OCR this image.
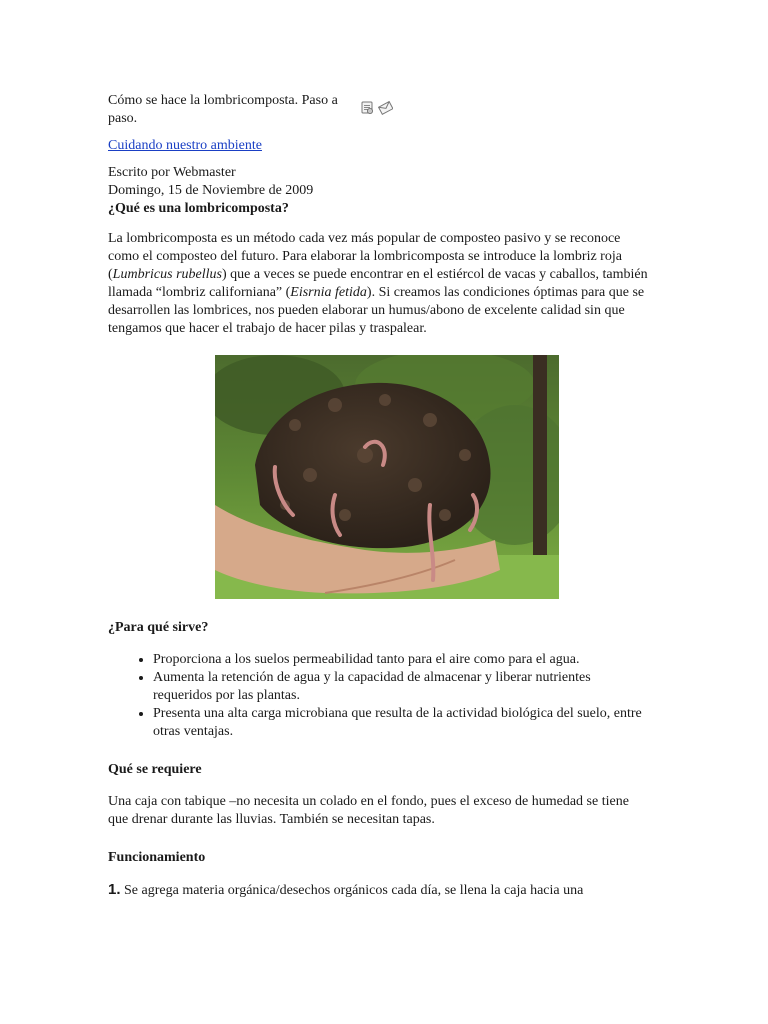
Cómo se hace la lombricomposta. Paso a paso.
Cuidando nuestro ambiente
Escrito por Webmaster
Domingo, 15 de Noviembre de 2009
¿Qué es una lombricomposta?

La lombricomposta es un método cada vez más popular de composteo pasivo y se reconoce como el composteo del futuro. Para elaborar la lombricomposta se introduce la lombriz roja (Lumbricus rubellus) que a veces se puede encontrar en el estiércol de vacas y caballos, también llamada “lombriz californiana” (Eisrnia fetida). Si creamos las condiciones óptimas para que se desarrollen las lombrices, nos pueden elaborar un humus/abono de excelente calidad sin que tengamos que hacer el trabajo de hacer pilas y traspalear.

¿Para qué sirve?
• Proporciona a los suelos permeabilidad tanto para el aire como para el agua.
• Aumenta la retención de agua y la capacidad de almacenar y liberar nutrientes requeridos por las plantas.
• Presenta una alta carga microbiana que resulta de la actividad biológica del suelo, entre otras ventajas.
Qué se requiere

Una caja con tabique –no necesita un colado en el fondo, pues el exceso de humedad se tiene que drenar durante las lluvias. También se necesitan tapas.

Funcionamiento

1. Se agrega materia orgánica/desechos orgánicos cada día, se llena la caja hacia una
